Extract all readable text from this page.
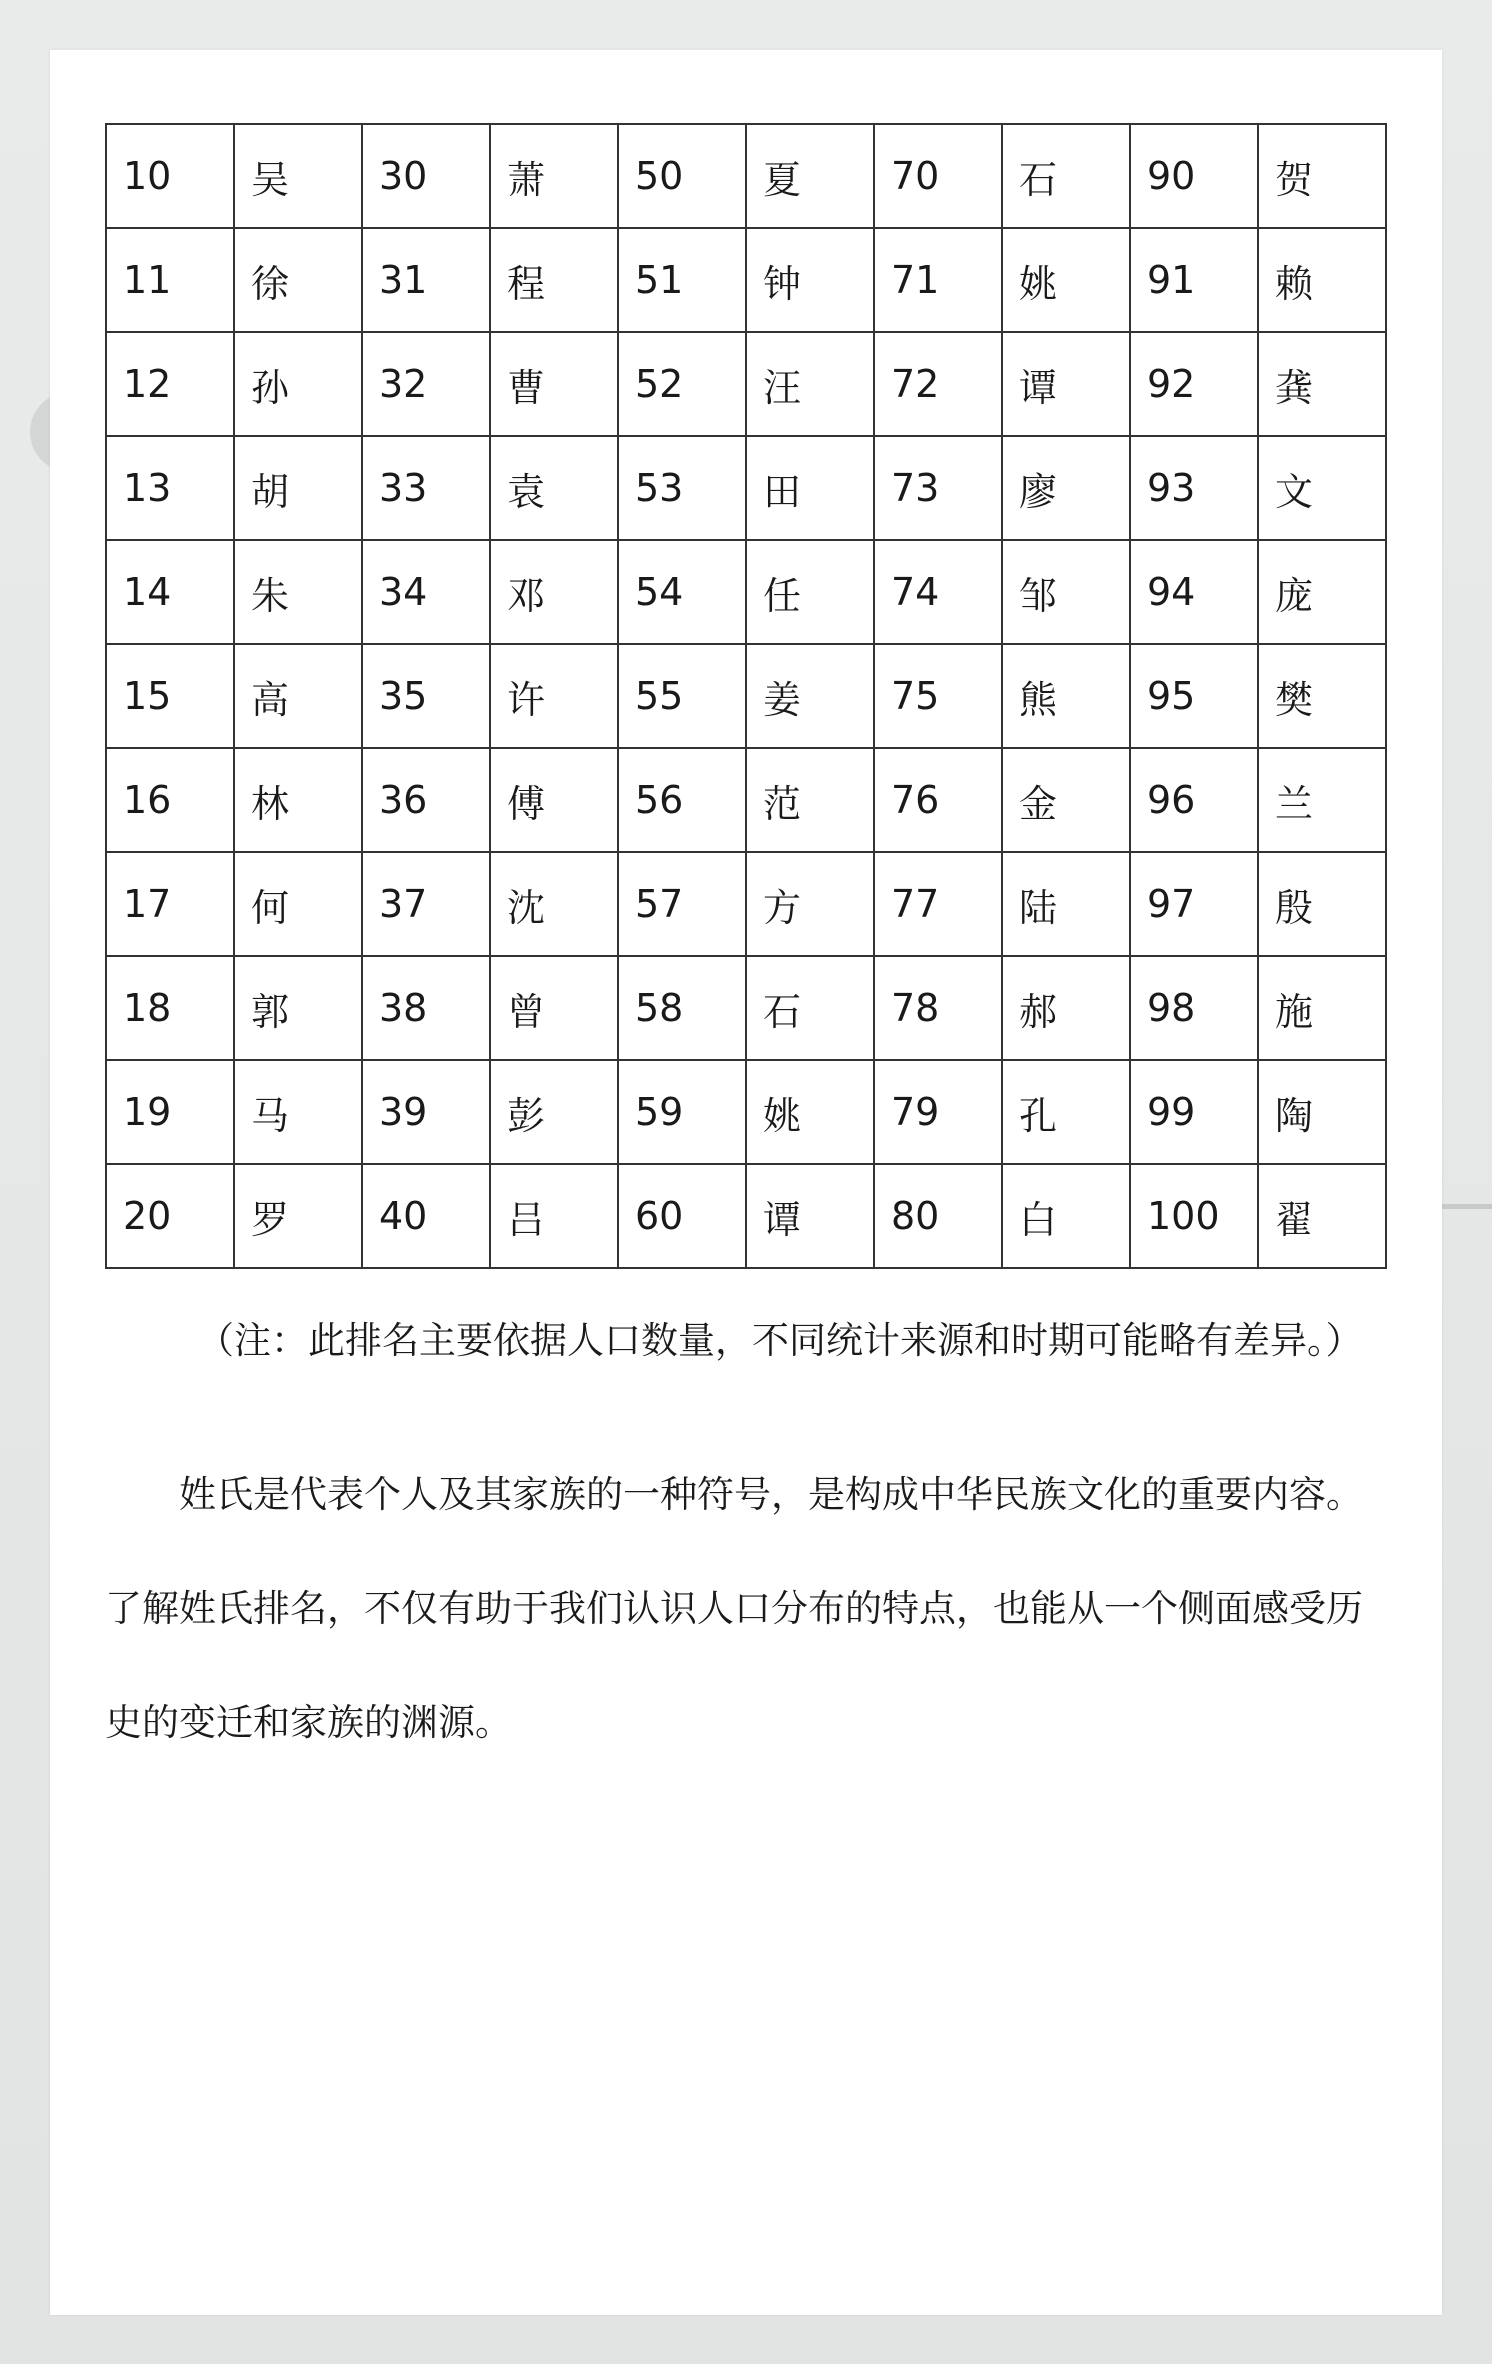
10	吴	30	萧	50	夏	70	石	90	贺
11	徐	31	程	51	钟	71	姚	91	赖
12	孙	32	曹	52	汪	72	谭	92	龚
13	胡	33	袁	53	田	73	廖	93	文
14	朱	34	邓	54	任	74	邹	94	庞
15	高	35	许	55	姜	75	熊	95	樊
16	林	36	傅	56	范	76	金	96	兰
17	何	37	沈	57	方	77	陆	97	殷
18	郭	38	曾	58	石	78	郝	98	施
19	马	39	彭	59	姚	79	孔	99	陶
20	罗	40	吕	60	谭	80	白	100	翟
（注：此排名主要依据人口数量，不同统计来源和时期可能略有差异。）

姓氏是代表个人及其家族的一种符号，是构成中华民族文化的重要内容。了解姓氏排名，不仅有助于我们认识人口分布的特点，也能从一个侧面感受历史的变迁和家族的渊源。
